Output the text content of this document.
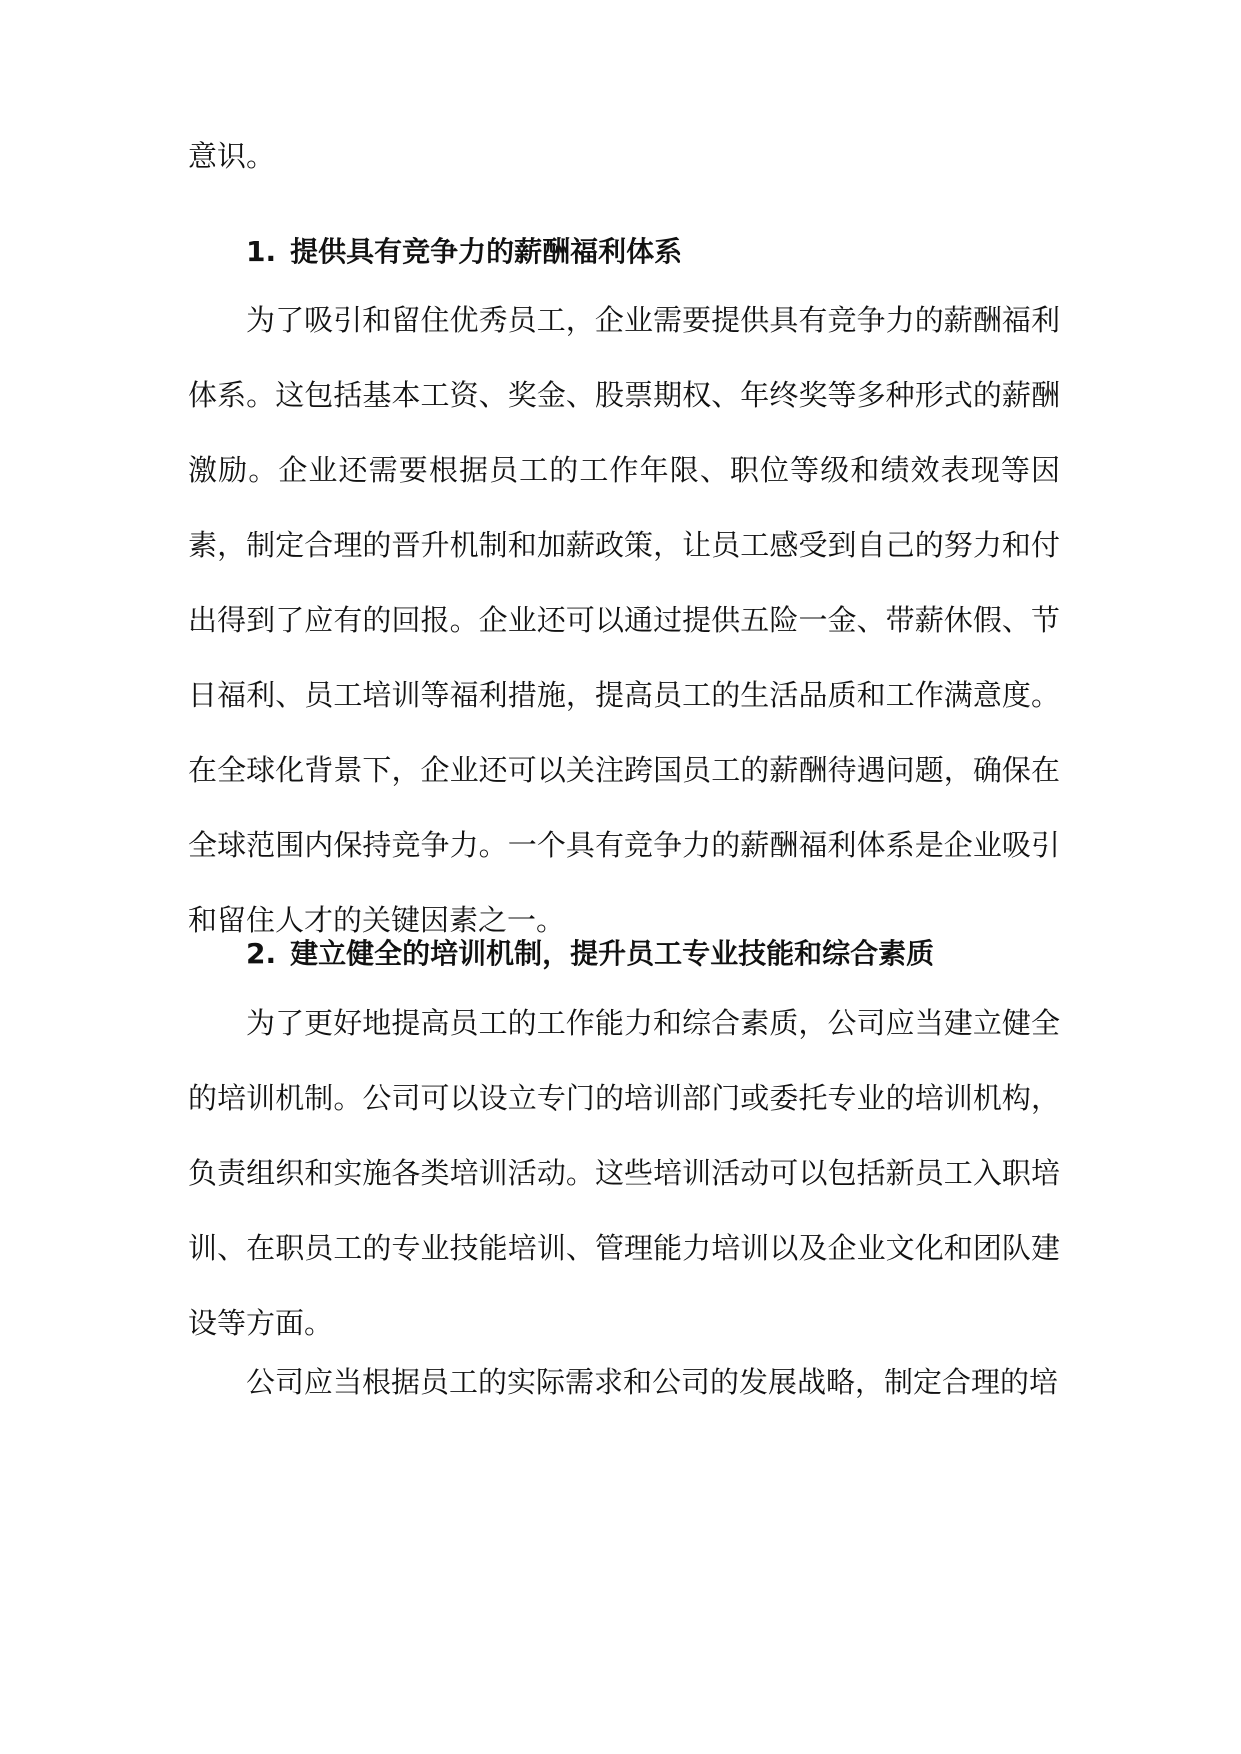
意识。

1. 提供具有竞争力的薪酬福利体系

为了吸引和留住优秀员工，企业需要提供具有竞争力的薪酬福利体系。这包括基本工资、奖金、股票期权、年终奖等多种形式的薪酬激励。企业还需要根据员工的工作年限、职位等级和绩效表现等因素，制定合理的晋升机制和加薪政策，让员工感受到自己的努力和付出得到了应有的回报。企业还可以通过提供五险一金、带薪休假、节日福利、员工培训等福利措施，提高员工的生活品质和工作满意度。在全球化背景下，企业还可以关注跨国员工的薪酬待遇问题，确保在全球范围内保持竞争力。一个具有竞争力的薪酬福利体系是企业吸引和留住人才的关键因素之一。

2. 建立健全的培训机制，提升员工专业技能和综合素质

为了更好地提高员工的工作能力和综合素质，公司应当建立健全的培训机制。公司可以设立专门的培训部门或委托专业的培训机构，负责组织和实施各类培训活动。这些培训活动可以包括新员工入职培训、在职员工的专业技能培训、管理能力培训以及企业文化和团队建设等方面。

公司应当根据员工的实际需求和公司的发展战略，制定合理的培
